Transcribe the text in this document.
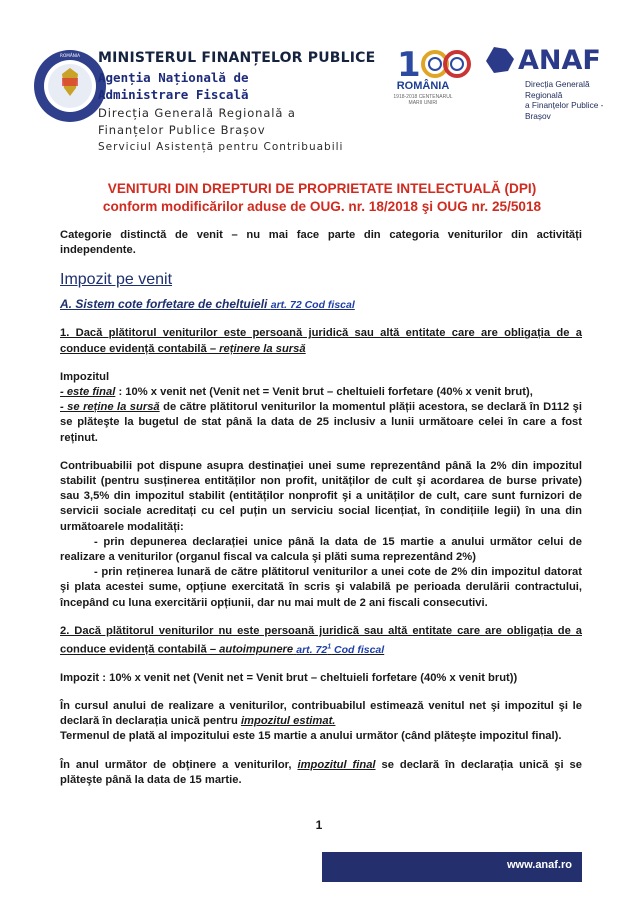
ROMÂNIA MINISTERUL FINANȚELOR PUBLICE
Agenția Națională de
Administrare Fiscală
Direcția Generală Regională a
Finanțelor Publice Brașov
Serviciul Asistență pentru Contribuabili
1
ROMÂNIA
1918-2018 CENTENARUL MARII UNIRI
ANAF
Direcția Generală Regională
a Finanțelor Publice - Brașov
VENITURI DIN DREPTURI DE PROPRIETATE INTELECTUALĂ (DPI)
conform modificărilor aduse de OUG. nr. 18/2018 şi OUG nr. 25/5018

Categorie distinctă de venit – nu mai face parte din categoria veniturilor din activități independente.

Impozit pe venit
A. Sistem cote forfetare de cheltuieli art. 72 Cod fiscal

1. Dacă plătitorul veniturilor este persoană juridică sau altă entitate care are obligația de a conduce evidență contabilă – reținere la sursă

Impozitul
- este final : 10% x venit net (Venit net = Venit brut – cheltuieli forfetare (40% x venit brut),
- se reține la sursă de către plătitorul veniturilor la momentul plății acestora, se declară în D112 şi se plăteşte la bugetul de stat până la data de 25 inclusiv a lunii următoare celei în care a fost reținut.

Contribuabilii pot dispune asupra destinației unei sume reprezentând până la 2% din impozitul stabilit (pentru susținerea entităților non profit, unităților de cult şi acordarea de burse private) sau 3,5% din impozitul stabilit (entităților nonprofit şi a unităților de cult, care sunt furnizori de servicii sociale acreditați cu cel puțin un serviciu social licențiat, în condițiile legii) în una din următoarele modalități:
- prin depunerea declarației unice până la data de 15 martie a anului următor celui de realizare a veniturilor (organul fiscal va calcula şi plăti suma reprezentând 2%)
- prin reținerea lunară de către plătitorul veniturilor a unei cote de 2% din impozitul datorat şi plata acestei sume, opțiune exercitată în scris şi valabilă pe perioada derulării contractului, începând cu luna exercitării opțiunii, dar nu mai mult de 2 ani fiscali consecutivi.

2. Dacă plătitorul veniturilor nu este persoană juridică sau altă entitate care are obligația de a conduce evidență contabilă – autoimpunere art. $72^1$ Cod fiscal

Impozit : 10% x venit net (Venit net = Venit brut – cheltuieli forfetare (40% x venit brut))

În cursul anului de realizare a veniturilor, contribuabilul estimează venitul net şi impozitul şi le declară în declarația unică pentru impozitul estimat.
Termenul de plată al impozitului este 15 martie a anului următor (când plăteşte impozitul final).

În anul următor de obținere a veniturilor, impozitul final se declară în declarația unică şi se plăteşte până la data de 15 martie.

1
www.anaf.ro
